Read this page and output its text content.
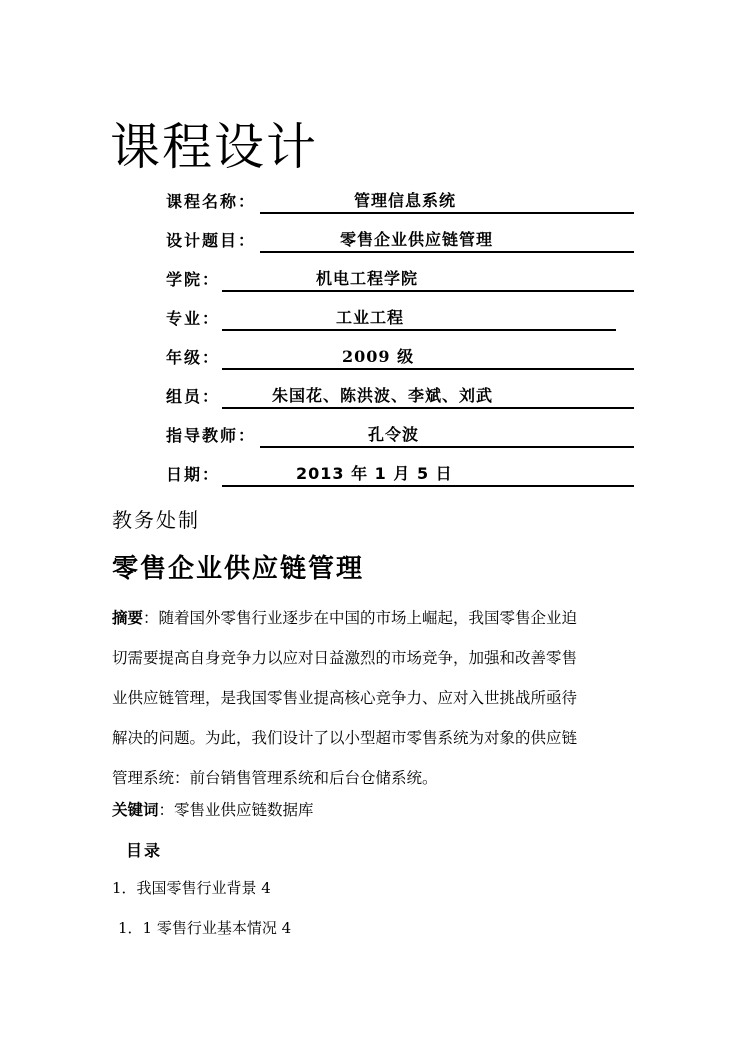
课程设计
课程名称：	管理信息系统
设计题目：	零售企业供应链管理
学院：	机电工程学院
专业：	工业工程
年级：	2009 级
组员：	朱国花、陈洪波、李斌、刘武
指导教师：	孔令波
日期：	2013 年 1 月 5 日
教务处制
零售企业供应链管理

摘要：随着国外零售行业逐步在中国的市场上崛起，我国零售企业迫

切需要提高自身竞争力以应对日益激烈的市场竞争，加强和改善零售

业供应链管理，是我国零售业提高核心竞争力、应对入世挑战所亟待

解决的问题。为此，我们设计了以小型超市零售系统为对象的供应链

管理系统：前台销售管理系统和后台仓储系统。

关键词：零售业供应链数据库
目录
1．我国零售行业背景 4
1．1 零售行业基本情况 4
